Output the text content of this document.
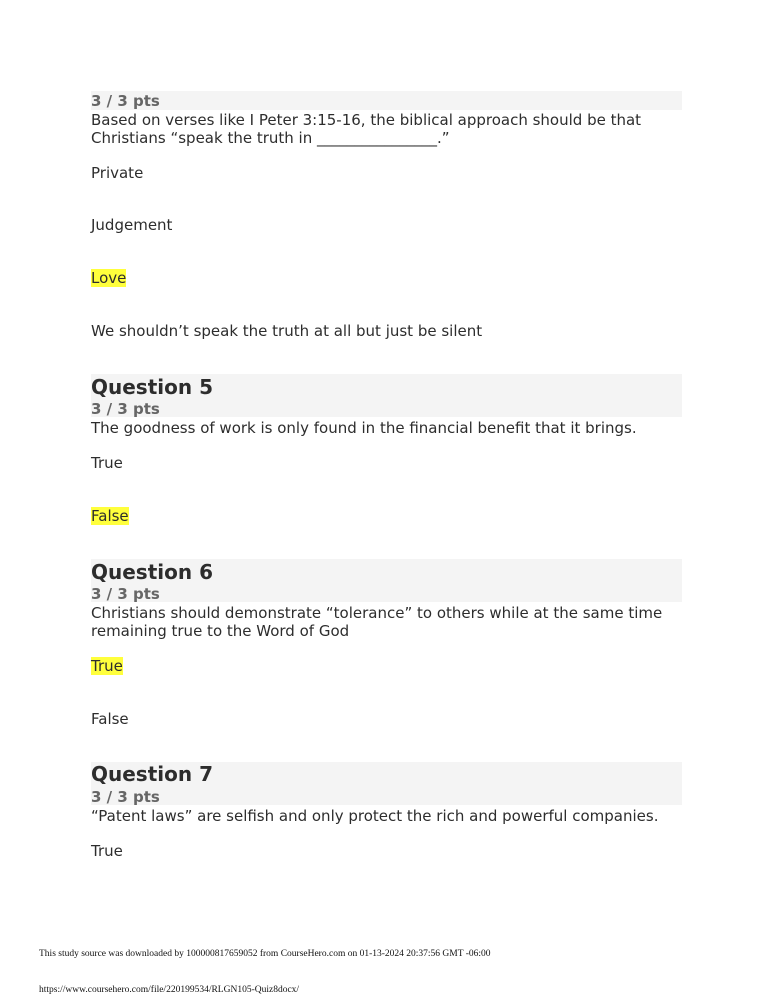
3 / 3 pts
Based on verses like I Peter 3:15-16, the biblical approach should be that
Christians “speak the truth in ________________.”
Private
Judgement
Love
We shouldn’t speak the truth at all but just be silent
Question 5
3 / 3 pts
The goodness of work is only found in the financial benefit that it brings.
True
False
Question 6
3 / 3 pts
Christians should demonstrate “tolerance” to others while at the same time
remaining true to the Word of God
True
False
Question 7
3 / 3 pts
“Patent laws” are selfish and only protect the rich and powerful companies.
True
This study source was downloaded by 100000817659052 from CourseHero.com on 01-13-2024 20:37:56 GMT -06:00
https://www.coursehero.com/file/220199534/RLGN105-Quiz8docx/
